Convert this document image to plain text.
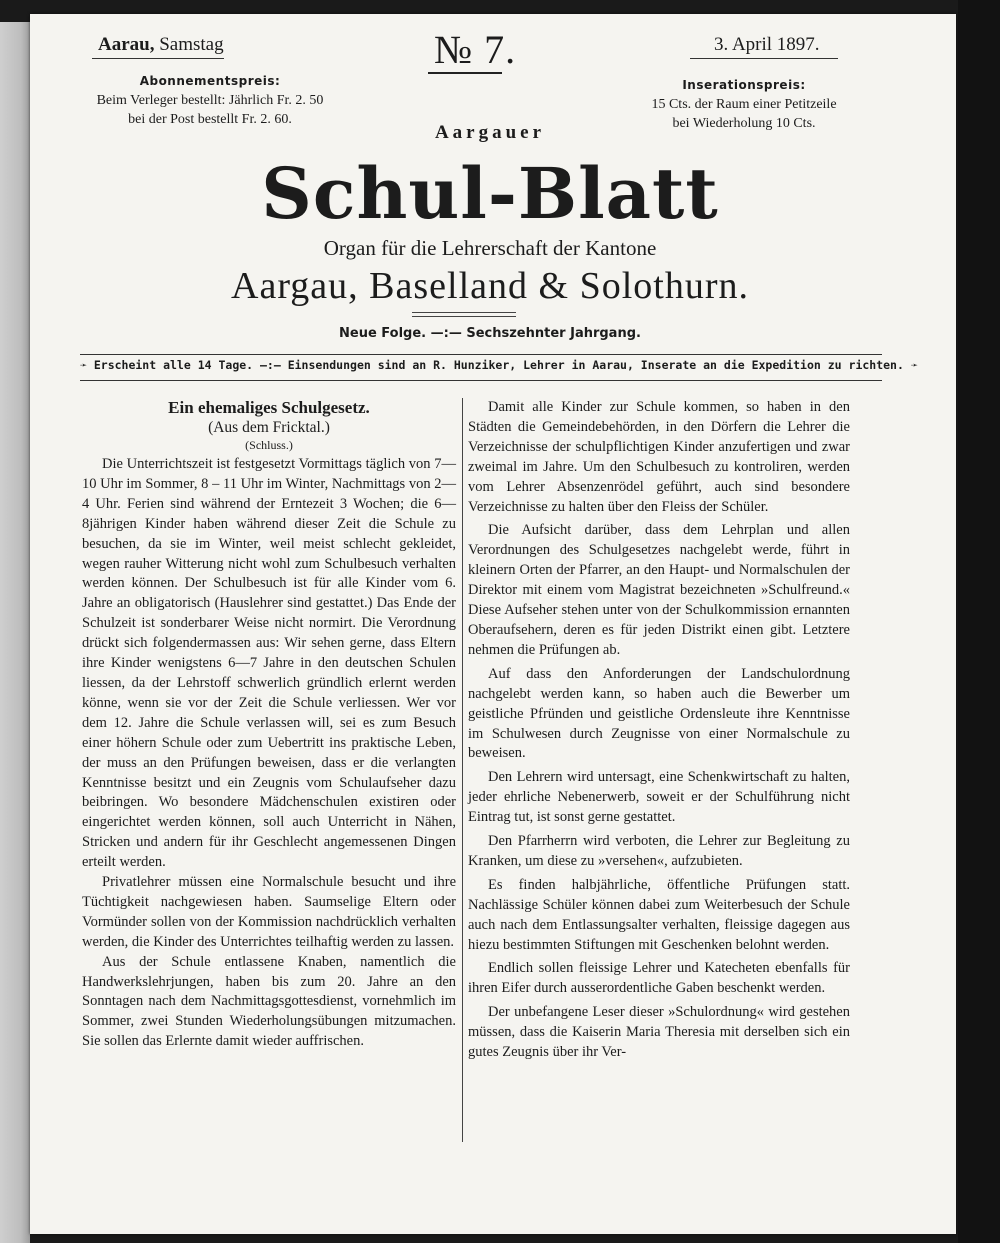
Aarau, Samstag	№ 7.	3. April 1897.
Abonnementspreis:
Beim Verleger bestellt: Jährlich Fr. 2. 50
bei der Post bestellt Fr. 2. 60.
Inserationspreis:
15 Cts. der Raum einer Petitzeile
bei Wiederholung 10 Cts.
Aargauer
Schul-Blatt
Organ für die Lehrerschaft der Kantone
Aargau, Baselland & Solothurn.
Neue Folge. —:— Sechszehnter Jahrgang.
➛ Erscheint alle 14 Tage. —:— Einsendungen sind an R. Hunziker, Lehrer in Aarau, Inserate an die Expedition zu richten. ➛
Ein ehemaliges Schulgesetz.
(Aus dem Fricktal.)
(Schluss.)

Die Unterrichtszeit ist festgesetzt Vormittags täglich von 7—10 Uhr im Sommer, 8 – 11 Uhr im Winter, Nachmittags von 2—4 Uhr. Ferien sind während der Erntezeit 3 Wochen; die 6—8jährigen Kinder haben während dieser Zeit die Schule zu besuchen, da sie im Winter, weil meist schlecht gekleidet, wegen rauher Witterung nicht wohl zum Schulbesuch verhalten werden können. Der Schulbesuch ist für alle Kinder vom 6. Jahre an obligatorisch (Hauslehrer sind gestattet.) Das Ende der Schulzeit ist sonderbarer Weise nicht normirt. Die Verordnung drückt sich folgendermassen aus: Wir sehen gerne, dass Eltern ihre Kinder wenigstens 6—7 Jahre in den deutschen Schulen liessen, da der Lehrstoff schwerlich gründlich erlernt werden könne, wenn sie vor der Zeit die Schule verliessen. Wer vor dem 12. Jahre die Schule verlassen will, sei es zum Besuch einer höhern Schule oder zum Uebertritt ins praktische Leben, der muss an den Prüfungen beweisen, dass er die verlangten Kenntnisse besitzt und ein Zeugnis vom Schulaufseher dazu beibringen. Wo besondere Mädchenschulen existiren oder eingerichtet werden können, soll auch Unterricht in Nähen, Stricken und andern für ihr Geschlecht angemessenen Dingen erteilt werden.

Privatlehrer müssen eine Normalschule besucht und ihre Tüchtigkeit nachgewiesen haben. Saumselige Eltern oder Vormünder sollen von der Kommission nachdrücklich verhalten werden, die Kinder des Unterrichtes teilhaftig werden zu lassen.

Aus der Schule entlassene Knaben, namentlich die Handwerkslehrjungen, haben bis zum 20. Jahre an den Sonntagen nach dem Nachmittagsgottesdienst, vornehmlich im Sommer, zwei Stunden Wiederholungsübungen mitzumachen. Sie sollen das Erlernte damit wieder auffrischen.

Damit alle Kinder zur Schule kommen, so haben in den Städten die Gemeindebehörden, in den Dörfern die Lehrer die Verzeichnisse der schulpflichtigen Kinder anzufertigen und zwar zweimal im Jahre. Um den Schulbesuch zu kontroliren, werden vom Lehrer Absenzenrödel geführt, auch sind besondere Verzeichnisse zu halten über den Fleiss der Schüler.

Die Aufsicht darüber, dass dem Lehrplan und allen Verordnungen des Schulgesetzes nachgelebt werde, führt in kleinern Orten der Pfarrer, an den Haupt- und Normalschulen der Direktor mit einem vom Magistrat bezeichneten »Schulfreund.« Diese Aufseher stehen unter von der Schulkommission ernannten Oberaufsehern, deren es für jeden Distrikt einen gibt. Letztere nehmen die Prüfungen ab.

Auf dass den Anforderungen der Landschulordnung nachgelebt werden kann, so haben auch die Bewerber um geistliche Pfründen und geistliche Ordensleute ihre Kenntnisse im Schulwesen durch Zeugnisse von einer Normalschule zu beweisen.

Den Lehrern wird untersagt, eine Schenkwirtschaft zu halten, jeder ehrliche Nebenerwerb, soweit er der Schulführung nicht Eintrag tut, ist sonst gerne gestattet.

Den Pfarrherrn wird verboten, die Lehrer zur Begleitung zu Kranken, um diese zu »versehen«, aufzubieten.

Es finden halbjährliche, öffentliche Prüfungen statt. Nachlässige Schüler können dabei zum Weiterbesuch der Schule auch nach dem Entlassungsalter verhalten, fleissige dagegen aus hiezu bestimmten Stiftungen mit Geschenken belohnt werden.

Endlich sollen fleissige Lehrer und Katecheten ebenfalls für ihren Eifer durch ausserordentliche Gaben beschenkt werden.

Der unbefangene Leser dieser »Schulordnung« wird gestehen müssen, dass die Kaiserin Maria Theresia mit derselben sich ein gutes Zeugnis über ihr Ver-
